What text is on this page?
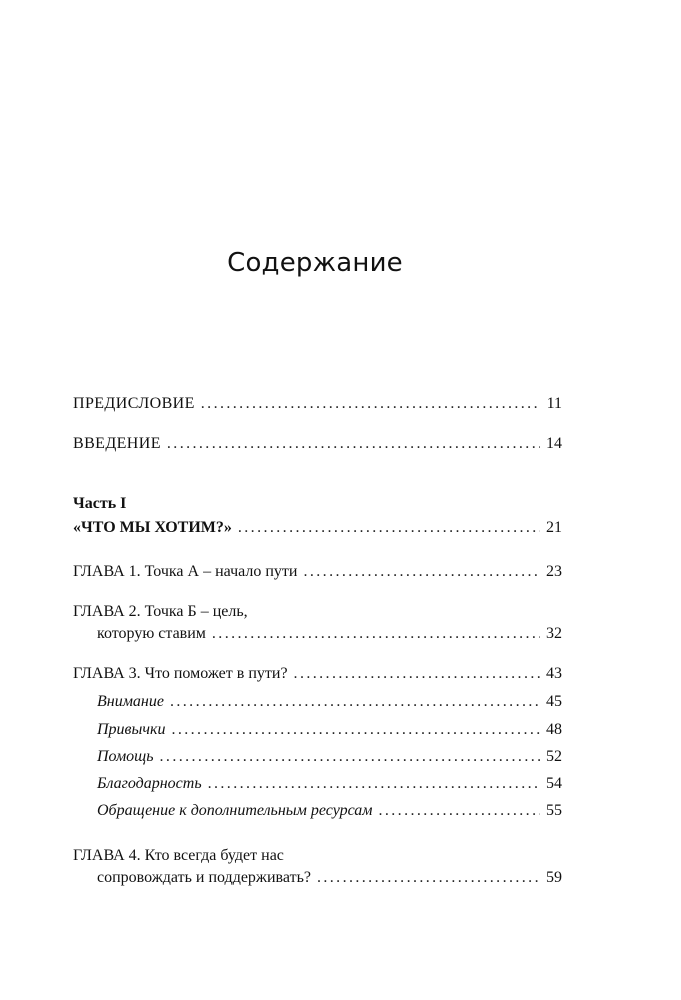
Содержание
ПРЕДИСЛОВИЕ .....	11
ВВЕДЕНИЕ .....	14
Часть I
«ЧТО МЫ ХОТИМ?» .....	21
ГЛАВА 1. Точка А – начало пути .....	23
ГЛАВА 2. Точка Б – цель,
которую ставим .....	32
ГЛАВА 3. Что поможет в пути? .....	43
Внимание .....	45
Привычки .....	48
Помощь .....	52
Благодарность .....	54
Обращение к дополнительным ресурсам .....	55
ГЛАВА 4. Кто всегда будет нас
сопровождать и поддерживать? .....	59
